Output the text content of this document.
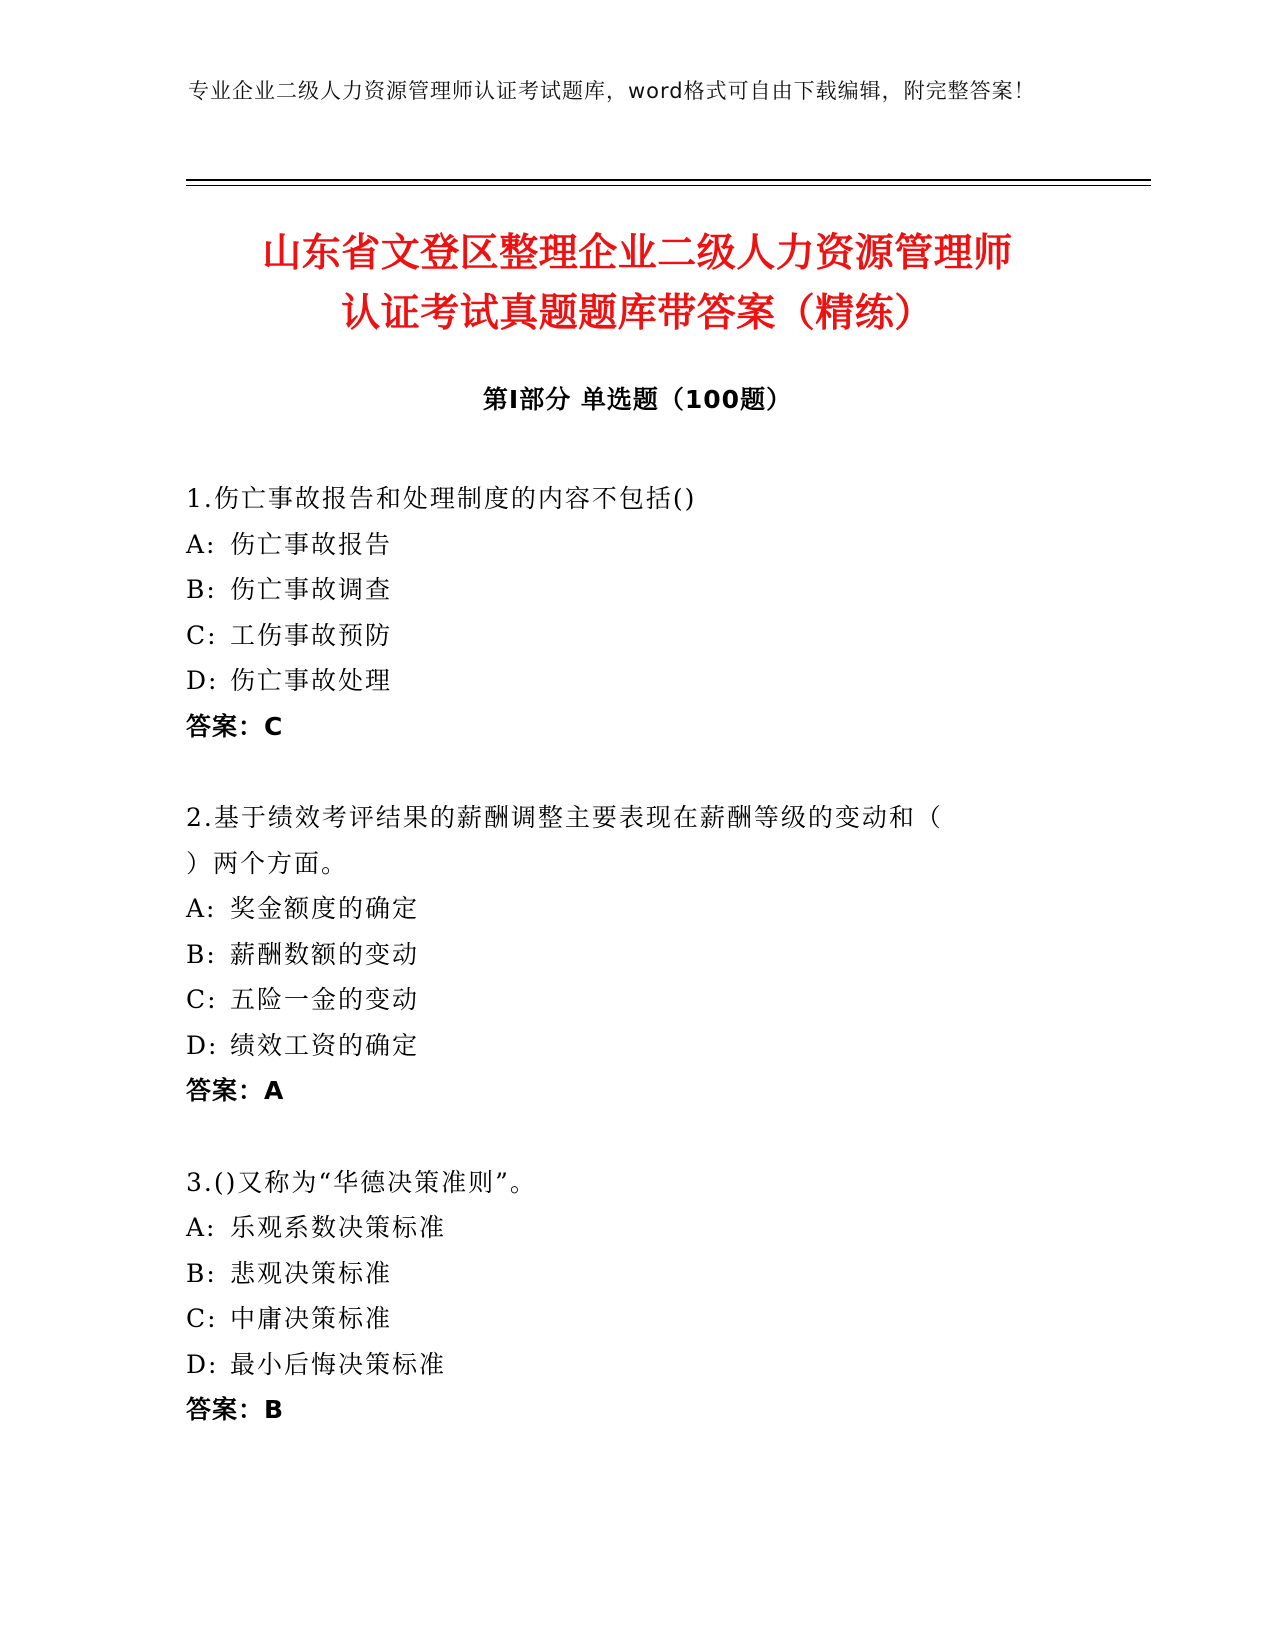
专业企业二级人力资源管理师认证考试题库，word格式可自由下载编辑，附完整答案！
山东省文登区整理企业二级人力资源管理师
认证考试真题题库带答案（精练）
第Ⅰ部分 单选题（100题）
1.伤亡事故报告和处理制度的内容不包括()
A: 伤亡事故报告
B: 伤亡事故调查
C: 工伤事故预防
D: 伤亡事故处理
答案：C
2.基于绩效考评结果的薪酬调整主要表现在薪酬等级的变动和（
）两个方面。
A: 奖金额度的确定
B: 薪酬数额的变动
C: 五险一金的变动
D: 绩效工资的确定
答案：A
3.()又称为“华德决策准则”。
A: 乐观系数决策标准
B: 悲观决策标准
C: 中庸决策标准
D: 最小后悔决策标准
答案：B
